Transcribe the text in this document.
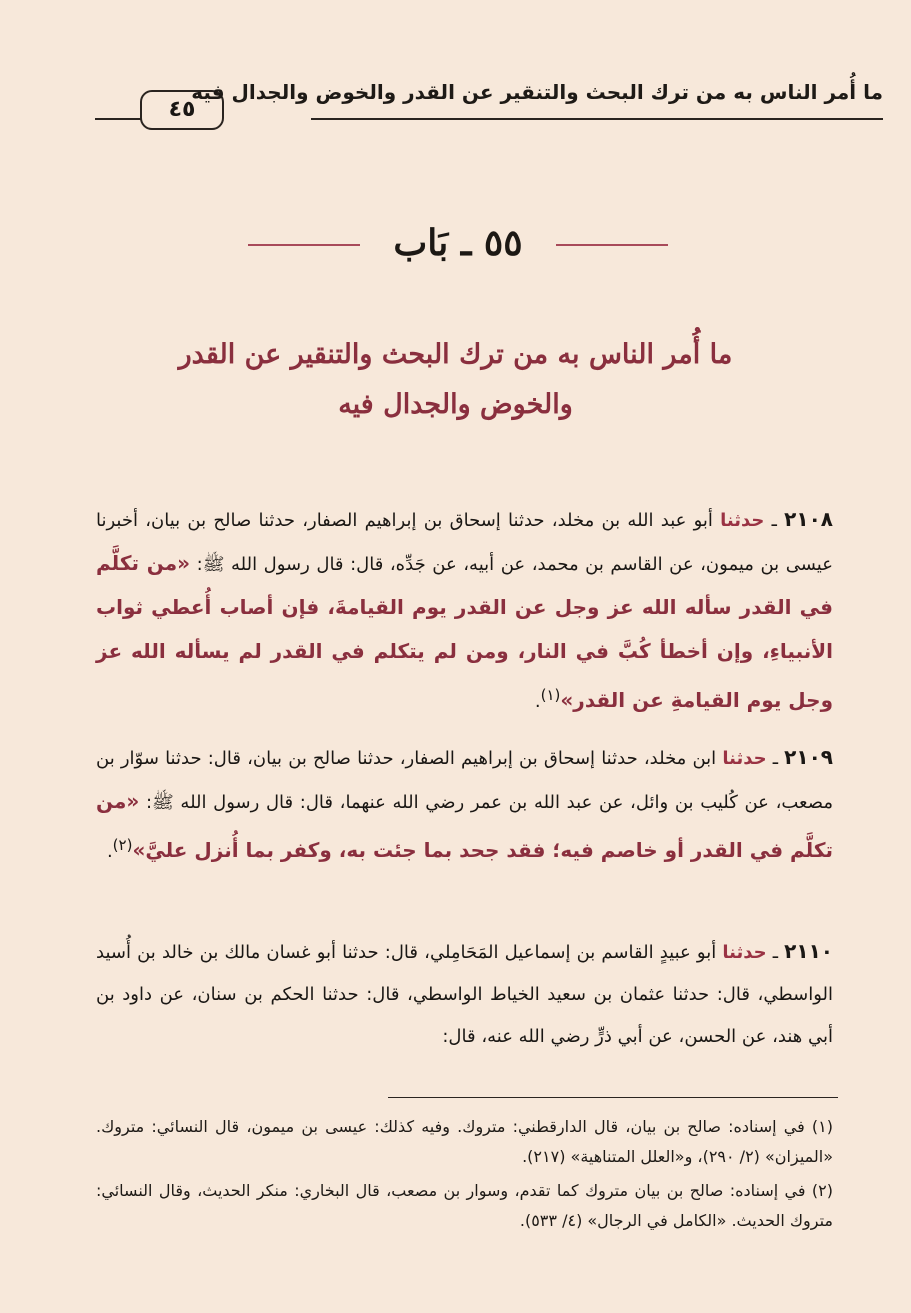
٤٥
ما أُمر الناس به من ترك البحث والتنقير عن القدر والخوض والجدال فيه
٥٥ ـ بَاب
ما أُمر الناس به من ترك البحث والتنقير عن القدر
والخوض والجدال فيه
٢١٠٨ ـ حدثنا أبو عبد الله بن مخلد، حدثنا إسحاق بن إبراهيم الصفار، حدثنا صالح بن بيان، أخبرنا عيسى بن ميمون، عن القاسم بن محمد، عن أبيه، عن جَدِّه، قال: قال رسول الله ﷺ: «من تكلَّم في القدر سأله الله عز وجل عن القدر يوم القيامةَ، فإن أصاب أُعطي ثواب الأنبياءِ، وإن أخطأ كُبَّ في النار، ومن لم يتكلم في القدر لم يسأله الله عز وجل يوم القيامةِ عن القدر»$^{(١)}$.
٢١٠٩ ـ حدثنا ابن مخلد، حدثنا إسحاق بن إبراهيم الصفار، حدثنا صالح بن بيان، قال: حدثنا سوّار بن مصعب، عن كُليب بن وائل، عن عبد الله بن عمر رضي الله عنهما، قال: قال رسول الله ﷺ: «من تكلَّم في القدر أو خاصم فيه؛ فقد جحد بما جئت به، وكفر بما أُنزل عليَّ»$^{(٢)}$.
٢١١٠ ـ حدثنا أبو عبيدٍ القاسم بن إسماعيل المَحَامِلي، قال: حدثنا أبو غسان مالك بن خالد بن أُسيد الواسطي، قال: حدثنا عثمان بن سعيد الخياط الواسطي، قال: حدثنا الحكم بن سنان، عن داود بن أبي هند، عن الحسن، عن أبي ذرٍّ رضي الله عنه، قال:

(١) في إسناده: صالح بن بيان، قال الدارقطني: متروك. وفيه كذلك: عيسى بن ميمون، قال النسائي: متروك. «الميزان» (٢/ ٢٩٠)، و«العلل المتناهية» (٢١٧).

(٢) في إسناده: صالح بن بيان متروك كما تقدم، وسوار بن مصعب، قال البخاري: منكر الحديث، وقال النسائي: متروك الحديث. «الكامل في الرجال» (٤/ ٥٣٣).
